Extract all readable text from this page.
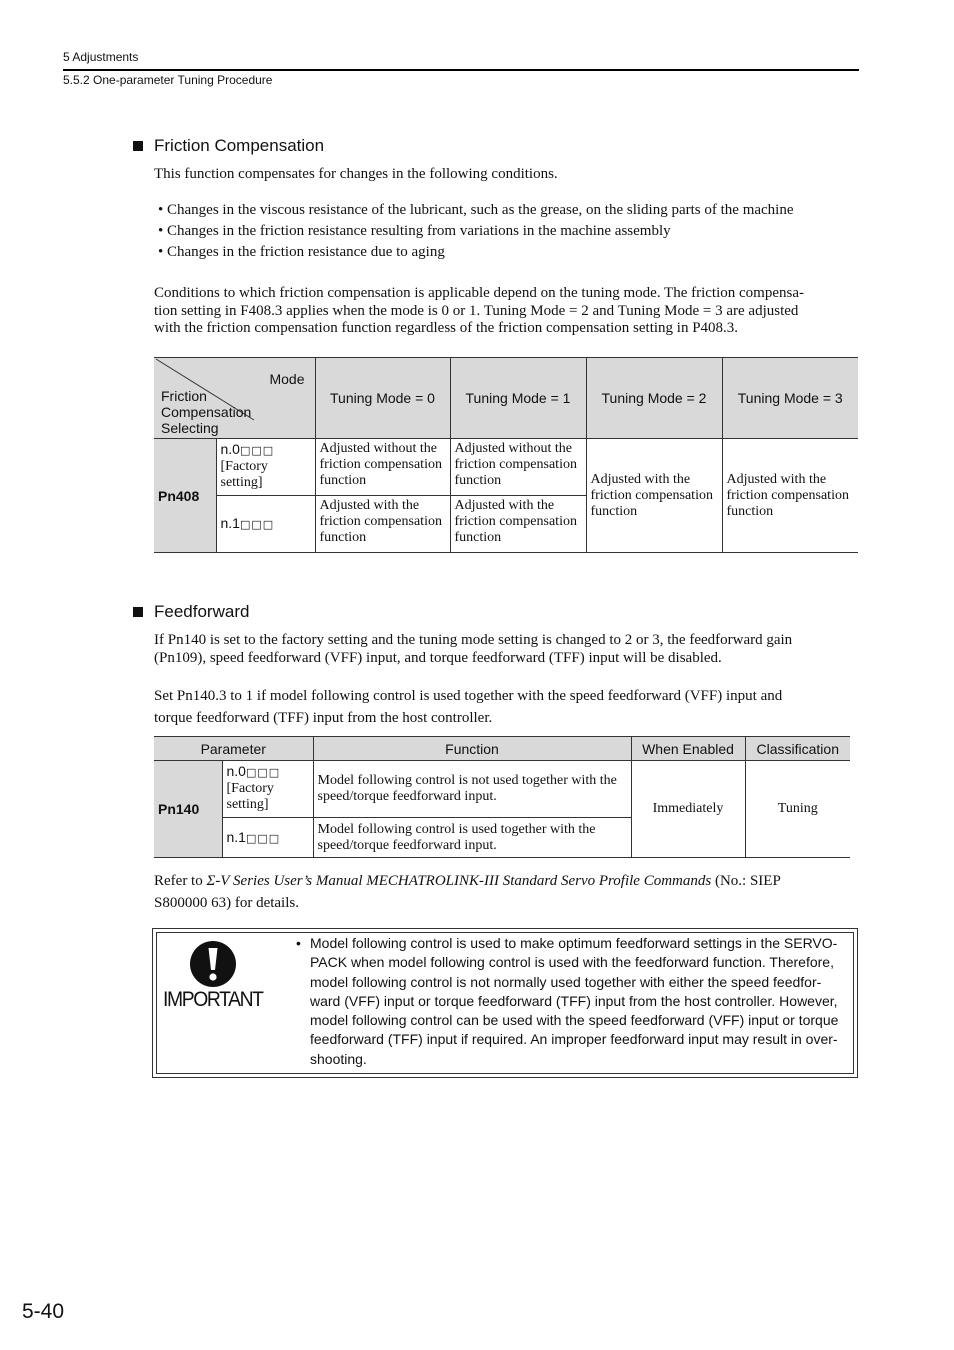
5 Adjustments
5.5.2 One-parameter Tuning Procedure
Friction Compensation
This function compensates for changes in the following conditions.
• Changes in the viscous resistance of the lubricant, such as the grease, on the sliding parts of the machine
• Changes in the friction resistance resulting from variations in the machine assembly
• Changes in the friction resistance due to aging
Conditions to which friction compensation is applicable depend on the tuning mode. The friction compensa-
tion setting in F408.3 applies when the mode is 0 or 1. Tuning Mode = 2 and Tuning Mode = 3 are adjusted
with the friction compensation function regardless of the friction compensation setting in P408.3.
Mode
Friction
Compensation
Selecting		Tuning Mode = 0	Tuning Mode = 1	Tuning Mode = 2	Tuning Mode = 3
Pn408	n.0□□□
[Factory
setting]	Adjusted without the friction compensation function	Adjusted without the friction compensation function	Adjusted with the friction compensation function	Adjusted with the friction compensation function
	n.1□□□	Adjusted with the friction compensation function	Adjusted with the friction compensation function		
Feedforward
If Pn140 is set to the factory setting and the tuning mode setting is changed to 2 or 3, the feedforward gain
(Pn109), speed feedforward (VFF) input, and torque feedforward (TFF) input will be disabled.
Set Pn140.3 to 1 if model following control is used together with the speed feedforward (VFF) input and
torque feedforward (TFF) input from the host controller.
Parameter		Function	When Enabled	Classification
Pn140	n.0□□□
[Factory
setting]	Model following control is not used together with the speed/torque feedforward input.	Immediately	Tuning
	n.1□□□	Model following control is used together with the speed/torque feedforward input.		
Refer to Σ-V Series User’s Manual MECHATROLINK-III Standard Servo Profile Commands (No.: SIEP
S800000 63) for details.
IMPORTANT
• Model following control is used to make optimum feedforward settings in the SERVO-
PACK when model following control is used with the feedforward function. Therefore,
model following control is not normally used together with either the speed feedfor-
ward (VFF) input or torque feedforward (TFF) input from the host controller. However,
model following control can be used with the speed feedforward (VFF) input or torque
feedforward (TFF) input if required. An improper feedforward input may result in over-
shooting.
5-40
